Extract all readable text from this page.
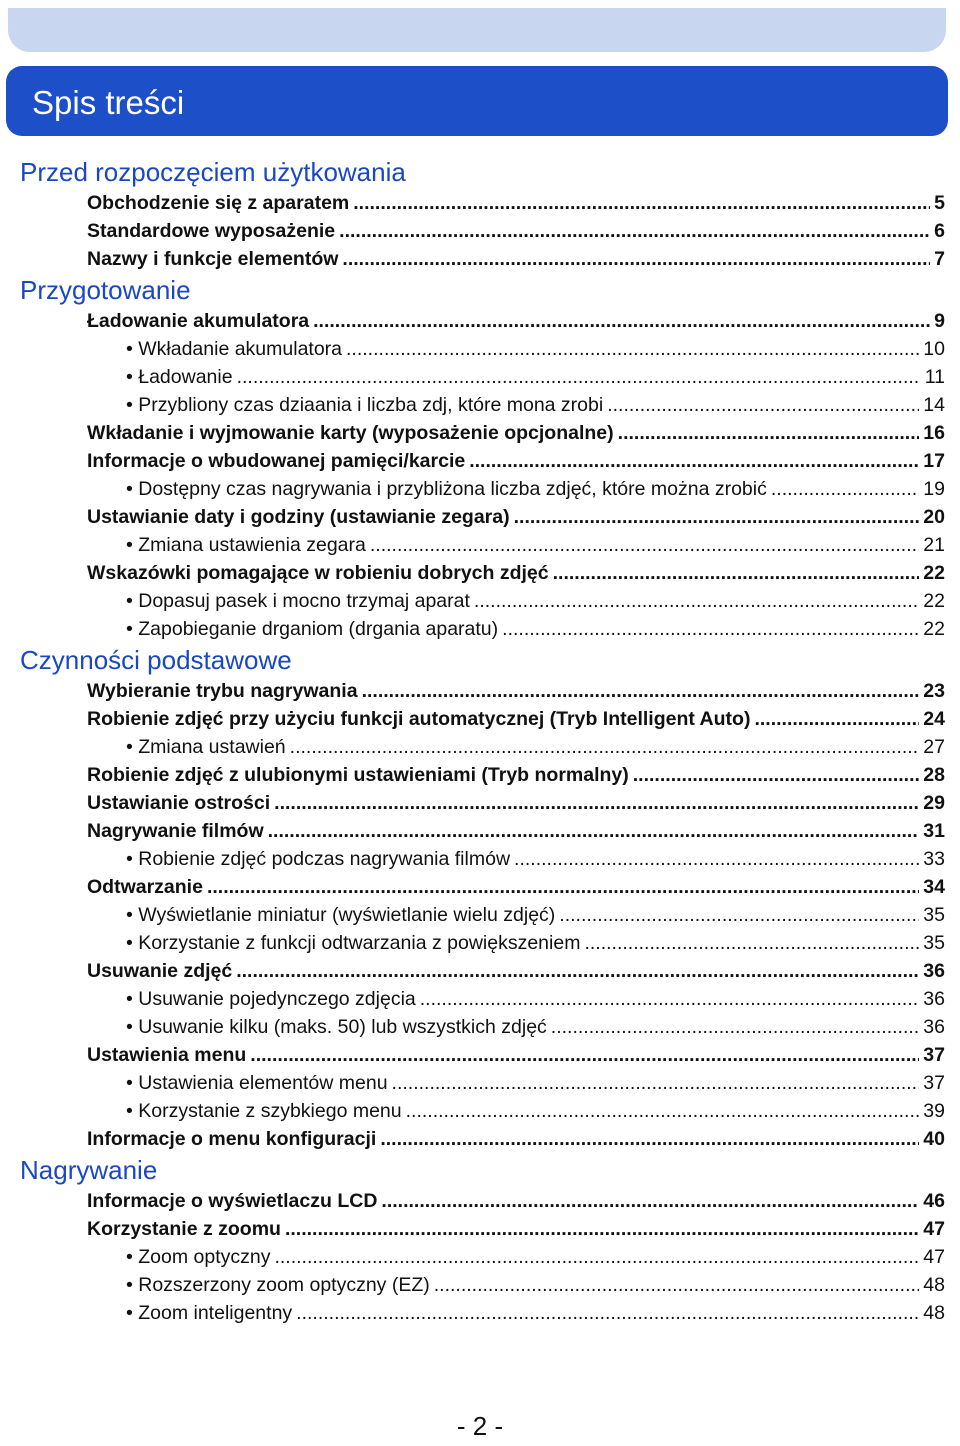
Spis treści
Przed rozpoczęciem użytkowania
Obchodzenie się z aparatem .....	5
Standardowe wyposażenie .....	6
Nazwy i funkcje elementów .....	7
Przygotowanie
Ładowanie akumulatora .....	9
• Wkładanie akumulatora .....	10
• Ładowanie .....	11
• Przybliony czas dziaania i liczba zdj, które mona zrobi .....	14
Wkładanie i wyjmowanie karty (wyposażenie opcjonalne) .....	16
Informacje o wbudowanej pamięci/karcie .....	17
• Dostępny czas nagrywania i przybliżona liczba zdjęć, które można zrobić .....	19
Ustawianie daty i godziny (ustawianie zegara) .....	20
• Zmiana ustawienia zegara .....	21
Wskazówki pomagające w robieniu dobrych zdjęć .....	22
• Dopasuj pasek i mocno trzymaj aparat .....	22
• Zapobieganie drganiom (drgania aparatu) .....	22
Czynności podstawowe
Wybieranie trybu nagrywania .....	23
Robienie zdjęć przy użyciu funkcji automatycznej (Tryb Intelligent Auto) .....	24
• Zmiana ustawień .....	27
Robienie zdjęć z ulubionymi ustawieniami (Tryb normalny) .....	28
Ustawianie ostrości .....	29
Nagrywanie filmów .....	31
• Robienie zdjęć podczas nagrywania filmów .....	33
Odtwarzanie .....	34
• Wyświetlanie miniatur (wyświetlanie wielu zdjęć) .....	35
• Korzystanie z funkcji odtwarzania z powiększeniem .....	35
Usuwanie zdjęć .....	36
• Usuwanie pojedynczego zdjęcia .....	36
• Usuwanie kilku (maks. 50) lub wszystkich zdjęć .....	36
Ustawienia menu .....	37
• Ustawienia elementów menu .....	37
• Korzystanie z szybkiego menu .....	39
Informacje o menu konfiguracji .....	40
Nagrywanie
Informacje o wyświetlaczu LCD .....	46
Korzystanie z zoomu .....	47
• Zoom optyczny .....	47
• Rozszerzony zoom optyczny (EZ) .....	48
• Zoom inteligentny .....	48
- 2 -
